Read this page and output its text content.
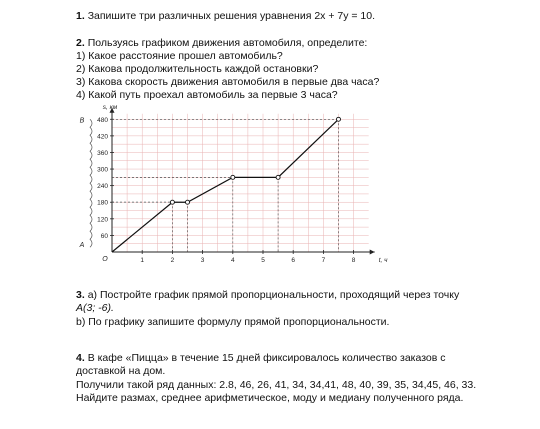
1. Запишите три различных решения уравнения 2x + 7y = 10.
2. Пользуясь графиком движения автомобиля, определите:
1) Какое расстояние прошел автомобиль?
2) Какова продолжительность каждой остановки?
3) Какова скорость движения автомобиля в первые два часа?
4) Какой путь проехал автомобиль за первые 3 часа?
60
120
180
240
300
360
420
480
1	2	3	4	5	6	7	8
s, км
t, ч
O
B
A
3. а) Постройте график прямой пропорциональности, проходящий через точку
А(3; -6).
b) По графику запишите формулу прямой пропорциональности.
4. В кафе «Пицца» в течение 15 дней фиксировалось количество заказов с
доставкой на дом.
Получили такой ряд данных: 2.8, 46, 26, 41, 34, 34,41, 48, 40, 39, 35, 34,45, 46, 33.
Найдите размах, среднее арифметическое, моду и медиану полученного ряда.
